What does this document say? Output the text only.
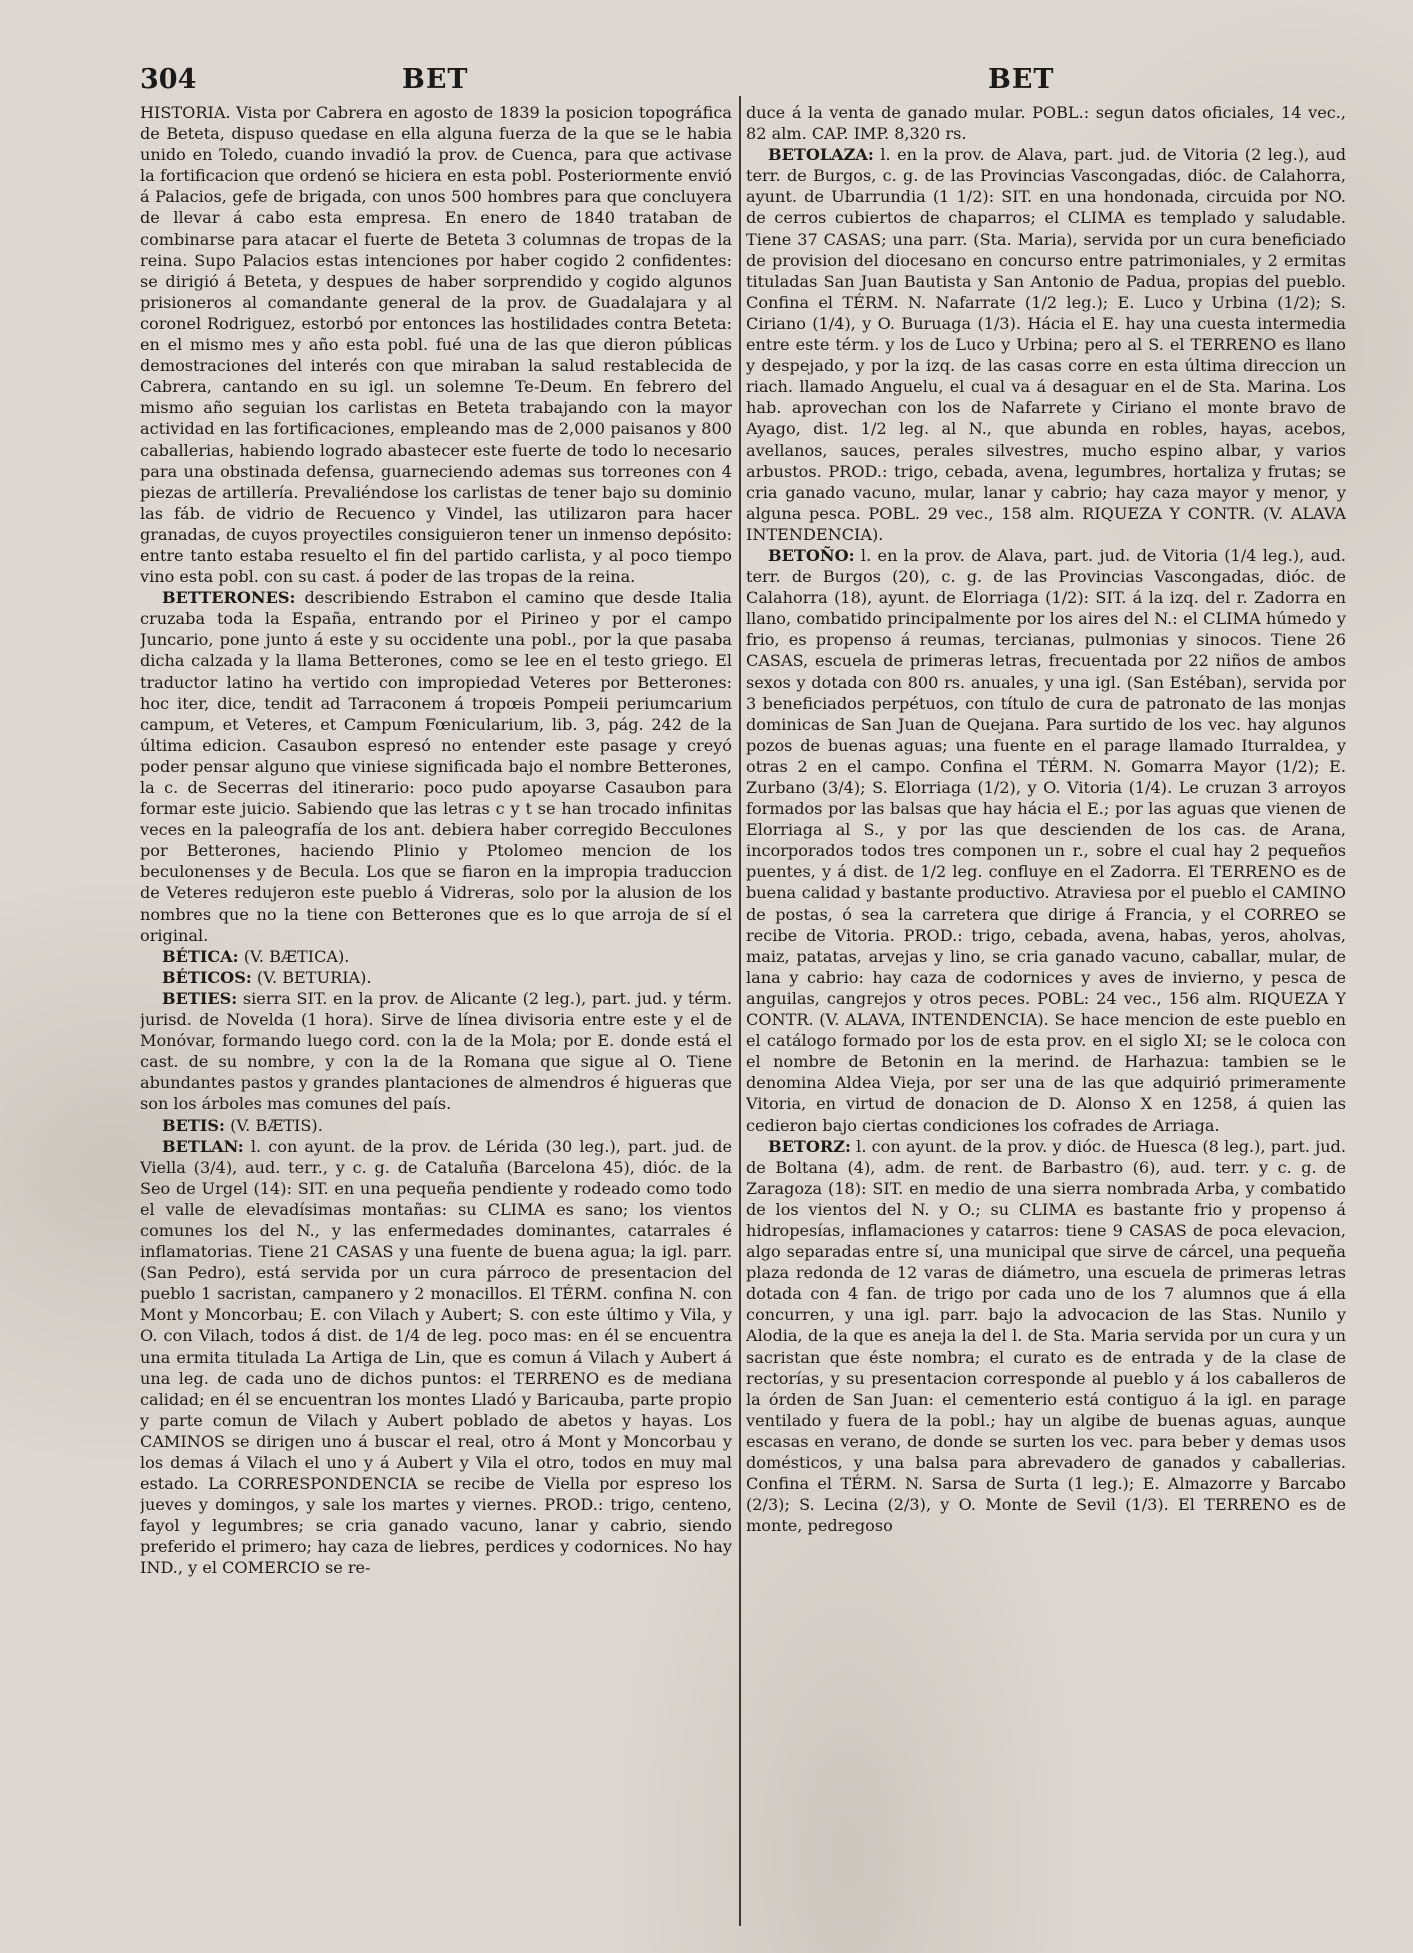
304	BET	BET

HISTORIA. Vista por Cabrera en agosto de 1839 la posicion topográfica de Beteta, dispuso quedase en ella alguna fuerza de la que se le habia unido en Toledo, cuando invadió la prov. de Cuenca, para que activase la fortificacion que ordenó se hiciera en esta pobl. Posteriormente envió á Palacios, gefe de brigada, con unos 500 hombres para que concluyera de llevar á cabo esta empresa. En enero de 1840 trataban de combinarse para atacar el fuerte de Beteta 3 columnas de tropas de la reina. Supo Palacios estas intenciones por haber cogido 2 confidentes: se dirigió á Beteta, y despues de haber sorprendido y cogido algunos prisioneros al comandante general de la prov. de Guadalajara y al coronel Rodriguez, estorbó por entonces las hostilidades contra Beteta: en el mismo mes y año esta pobl. fué una de las que dieron públicas demostraciones del interés con que miraban la salud restablecida de Cabrera, cantando en su igl. un solemne Te-Deum. En febrero del mismo año seguian los carlistas en Beteta trabajando con la mayor actividad en las fortificaciones, empleando mas de 2,000 paisanos y 800 caballerias, habiendo logrado abastecer este fuerte de todo lo necesario para una obstinada defensa, guarneciendo ademas sus torreones con 4 piezas de artillería. Prevaliéndose los carlistas de tener bajo su dominio las fáb. de vidrio de Recuenco y Vindel, las utilizaron para hacer granadas, de cuyos proyectiles consiguieron tener un inmenso depósito: entre tanto estaba resuelto el fin del partido carlista, y al poco tiempo vino esta pobl. con su cast. á poder de las tropas de la reina.

BETTERONES: describiendo Estrabon el camino que desde Italia cruzaba toda la España, entrando por el Pirineo y por el campo Juncario, pone junto á este y su occidente una pobl., por la que pasaba dicha calzada y la llama Betterones, como se lee en el testo griego. El traductor latino ha vertido con impropiedad Veteres por Betterones: hoc iter, dice, tendit ad Tarraconem á tropœis Pompeii periumcarium campum, et Veteres, et Campum Fœnicularium, lib. 3, pág. 242 de la última edicion. Casaubon espresó no entender este pasage y creyó poder pensar alguno que viniese significada bajo el nombre Betterones, la c. de Secerras del itinerario: poco pudo apoyarse Casaubon para formar este juicio. Sabiendo que las letras c y t se han trocado infinitas veces en la paleografía de los ant. debiera haber corregido Becculones por Betterones, haciendo Plinio y Ptolomeo mencion de los beculonenses y de Becula. Los que se fiaron en la impropia traduccion de Veteres redujeron este pueblo á Vidreras, solo por la alusion de los nombres que no la tiene con Betterones que es lo que arroja de sí el original.

BÉTICA: (V. BÆTICA).

BÉTICOS: (V. BETURIA).

BETIES: sierra SIT. en la prov. de Alicante (2 leg.), part. jud. y térm. jurisd. de Novelda (1 hora). Sirve de línea divisoria entre este y el de Monóvar, formando luego cord. con la de la Mola; por E. donde está el cast. de su nombre, y con la de la Romana que sigue al O. Tiene abundantes pastos y grandes plantaciones de almendros é higueras que son los árboles mas comunes del país.

BETIS: (V. BÆTIS).

BETLAN: l. con ayunt. de la prov. de Lérida (30 leg.), part. jud. de Viella (3/4), aud. terr., y c. g. de Cataluña (Barcelona 45), dióc. de la Seo de Urgel (14): SIT. en una pequeña pendiente y rodeado como todo el valle de elevadísimas montañas: su CLIMA es sano; los vientos comunes los del N., y las enfermedades dominantes, catarrales é inflamatorias. Tiene 21 CASAS y una fuente de buena agua; la igl. parr. (San Pedro), está servida por un cura párroco de presentacion del pueblo 1 sacristan, campanero y 2 monacillos. El TÉRM. confina N. con Mont y Moncorbau; E. con Vilach y Aubert; S. con este último y Vila, y O. con Vilach, todos á dist. de 1/4 de leg. poco mas: en él se encuentra una ermita titulada La Artiga de Lin, que es comun á Vilach y Aubert á una leg. de cada uno de dichos puntos: el TERRENO es de mediana calidad; en él se encuentran los montes Lladó y Baricauba, parte propio y parte comun de Vilach y Aubert poblado de abetos y hayas. Los CAMINOS se dirigen uno á buscar el real, otro á Mont y Moncorbau y los demas á Vilach el uno y á Aubert y Vila el otro, todos en muy mal estado. La CORRESPONDENCIA se recibe de Viella por espreso los jueves y domingos, y sale los martes y viernes. PROD.: trigo, centeno, fayol y legumbres; se cria ganado vacuno, lanar y cabrio, siendo preferido el primero; hay caza de liebres, perdices y codornices. No hay IND., y el COMERCIO se re-

duce á la venta de ganado mular. POBL.: segun datos oficiales, 14 vec., 82 alm. CAP. IMP. 8,320 rs.

BETOLAZA: l. en la prov. de Alava, part. jud. de Vitoria (2 leg.), aud terr. de Burgos, c. g. de las Provincias Vascongadas, dióc. de Calahorra, ayunt. de Ubarrundia (1 1/2): SIT. en una hondonada, circuida por NO. de cerros cubiertos de chaparros; el CLIMA es templado y saludable. Tiene 37 CASAS; una parr. (Sta. Maria), servida por un cura beneficiado de provision del diocesano en concurso entre patrimoniales, y 2 ermitas tituladas San Juan Bautista y San Antonio de Padua, propias del pueblo. Confina el TÉRM. N. Nafarrate (1/2 leg.); E. Luco y Urbina (1/2); S. Ciriano (1/4), y O. Buruaga (1/3). Hácia el E. hay una cuesta intermedia entre este térm. y los de Luco y Urbina; pero al S. el TERRENO es llano y despejado, y por la izq. de las casas corre en esta última direccion un riach. llamado Anguelu, el cual va á desaguar en el de Sta. Marina. Los hab. aprovechan con los de Nafarrete y Ciriano el monte bravo de Ayago, dist. 1/2 leg. al N., que abunda en robles, hayas, acebos, avellanos, sauces, perales silvestres, mucho espino albar, y varios arbustos. PROD.: trigo, cebada, avena, legumbres, hortaliza y frutas; se cria ganado vacuno, mular, lanar y cabrio; hay caza mayor y menor, y alguna pesca. POBL. 29 vec., 158 alm. RIQUEZA Y CONTR. (V. ALAVA INTENDENCIA).

BETOÑO: l. en la prov. de Alava, part. jud. de Vitoria (1/4 leg.), aud. terr. de Burgos (20), c. g. de las Provincias Vascongadas, dióc. de Calahorra (18), ayunt. de Elorriaga (1/2): SIT. á la izq. del r. Zadorra en llano, combatido principalmente por los aires del N.: el CLIMA húmedo y frio, es propenso á reumas, tercianas, pulmonias y sinocos. Tiene 26 CASAS, escuela de primeras letras, frecuentada por 22 niños de ambos sexos y dotada con 800 rs. anuales, y una igl. (San Estéban), servida por 3 beneficiados perpétuos, con título de cura de patronato de las monjas dominicas de San Juan de Quejana. Para surtido de los vec. hay algunos pozos de buenas aguas; una fuente en el parage llamado Iturraldea, y otras 2 en el campo. Confina el TÉRM. N. Gomarra Mayor (1/2); E. Zurbano (3/4); S. Elorriaga (1/2), y O. Vitoria (1/4). Le cruzan 3 arroyos formados por las balsas que hay hácia el E.; por las aguas que vienen de Elorriaga al S., y por las que descienden de los cas. de Arana, incorporados todos tres componen un r., sobre el cual hay 2 pequeños puentes, y á dist. de 1/2 leg. confluye en el Zadorra. El TERRENO es de buena calidad y bastante productivo. Atraviesa por el pueblo el CAMINO de postas, ó sea la carretera que dirige á Francia, y el CORREO se recibe de Vitoria. PROD.: trigo, cebada, avena, habas, yeros, aholvas, maiz, patatas, arvejas y lino, se cria ganado vacuno, caballar, mular, de lana y cabrio: hay caza de codornices y aves de invierno, y pesca de anguilas, cangrejos y otros peces. POBL: 24 vec., 156 alm. RIQUEZA Y CONTR. (V. ALAVA, INTENDENCIA). Se hace mencion de este pueblo en el catálogo formado por los de esta prov. en el siglo XI; se le coloca con el nombre de Betonin en la merind. de Harhazua: tambien se le denomina Aldea Vieja, por ser una de las que adquirió primeramente Vitoria, en virtud de donacion de D. Alonso X en 1258, á quien las cedieron bajo ciertas condiciones los cofrades de Arriaga.

BETORZ: l. con ayunt. de la prov. y dióc. de Huesca (8 leg.), part. jud. de Boltana (4), adm. de rent. de Barbastro (6), aud. terr. y c. g. de Zaragoza (18): SIT. en medio de una sierra nombrada Arba, y combatido de los vientos del N. y O.; su CLIMA es bastante frio y propenso á hidropesías, inflamaciones y catarros: tiene 9 CASAS de poca elevacion, algo separadas entre sí, una municipal que sirve de cárcel, una pequeña plaza redonda de 12 varas de diámetro, una escuela de primeras letras dotada con 4 fan. de trigo por cada uno de los 7 alumnos que á ella concurren, y una igl. parr. bajo la advocacion de las Stas. Nunilo y Alodia, de la que es aneja la del l. de Sta. Maria servida por un cura y un sacristan que éste nombra; el curato es de entrada y de la clase de rectorías, y su presentacion corresponde al pueblo y á los caballeros de la órden de San Juan: el cementerio está contiguo á la igl. en parage ventilado y fuera de la pobl.; hay un algibe de buenas aguas, aunque escasas en verano, de donde se surten los vec. para beber y demas usos domésticos, y una balsa para abrevadero de ganados y caballerias. Confina el TÉRM. N. Sarsa de Surta (1 leg.); E. Almazorre y Barcabo (2/3); S. Lecina (2/3), y O. Monte de Sevil (1/3). El TERRENO es de monte, pedregoso
